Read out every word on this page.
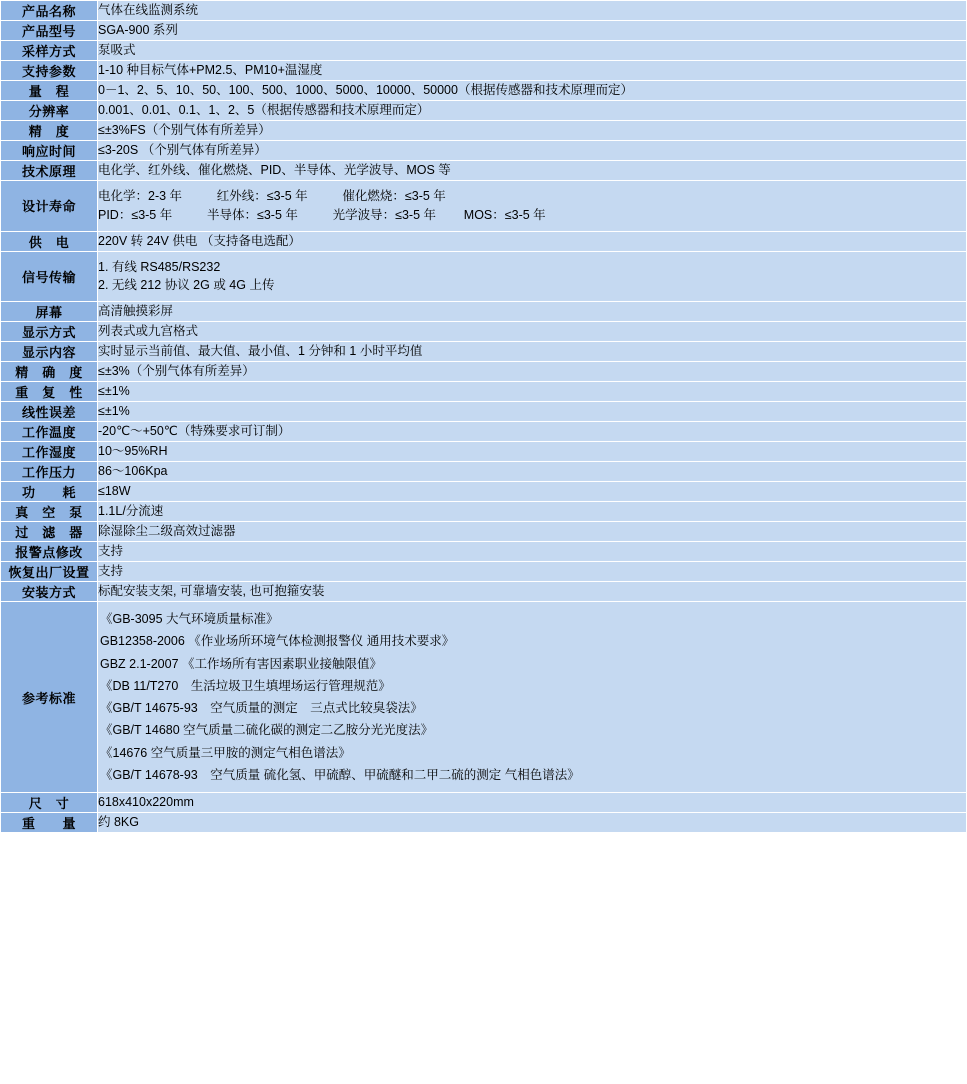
产品名称	气体在线监测系统

产品型号	SGA-900 系列

采样方式	泵吸式

支持参数	1-10 种目标气体+PM2.5、PM10+温湿度

量　程	0－1、2、5、10、50、100、500、1000、5000、10000、50000（根据传感器和技术原理而定）

分辨率	0.001、0.01、0.1、1、2、5（根据传感器和技术原理而定）

精　度	≤±3%FS（个别气体有所差异）

响应时间	≤3-20S （个别气体有所差异）

技术原理	电化学、红外线、催化燃烧、PID、半导体、光学波导、MOS 等

设计寿命	电化学：2-3 年          红外线：≤3-5 年          催化燃烧：≤3-5 年
PID：≤3-5 年          半导体：≤3-5 年          光学波导：≤3-5 年        MOS：≤3-5 年

供　电	220V 转 24V 供电 （支持备电选配）

信号传输	1. 有线 RS485/RS232
2. 无线 212 协议 2G 或 4G 上传

屏幕	高清触摸彩屏

显示方式	列表式或九宫格式

显示内容	实时显示当前值、最大值、最小值、1 分钟和 1 小时平均值

精　确　度	≤±3%（个别气体有所差异）

重　复　性	≤±1%

线性误差	≤±1%

工作温度	-20℃～+50℃（特殊要求可订制）

工作湿度	10～95%RH

工作压力	86～106Kpa

功　　耗	≤18W

真　空　泵	1.1L/分流速

过　滤　器	除湿除尘二级高效过滤器

报警点修改	支持

恢复出厂设置	支持

安装方式	标配安装支架, 可靠墙安装, 也可抱箍安装

参考标准	
《GB-3095 大气环境质量标准》
GB12358-2006 《作业场所环境气体检测报警仪 通用技术要求》
GBZ 2.1-2007 《工作场所有害因素职业接触限值》
《DB 11/T270　生活垃圾卫生填埋场运行管理规范》
《GB/T 14675-93　空气质量的测定　三点式比较臭袋法》
《GB/T 14680 空气质量二硫化碳的测定二乙胺分光光度法》
《14676 空气质量三甲胺的测定气相色谱法》
《GB/T 14678-93　空气质量 硫化氢、甲硫醇、甲硫醚和二甲二硫的测定 气相色谱法》

尺　寸	618x410x220mm

重　　量	约 8KG
